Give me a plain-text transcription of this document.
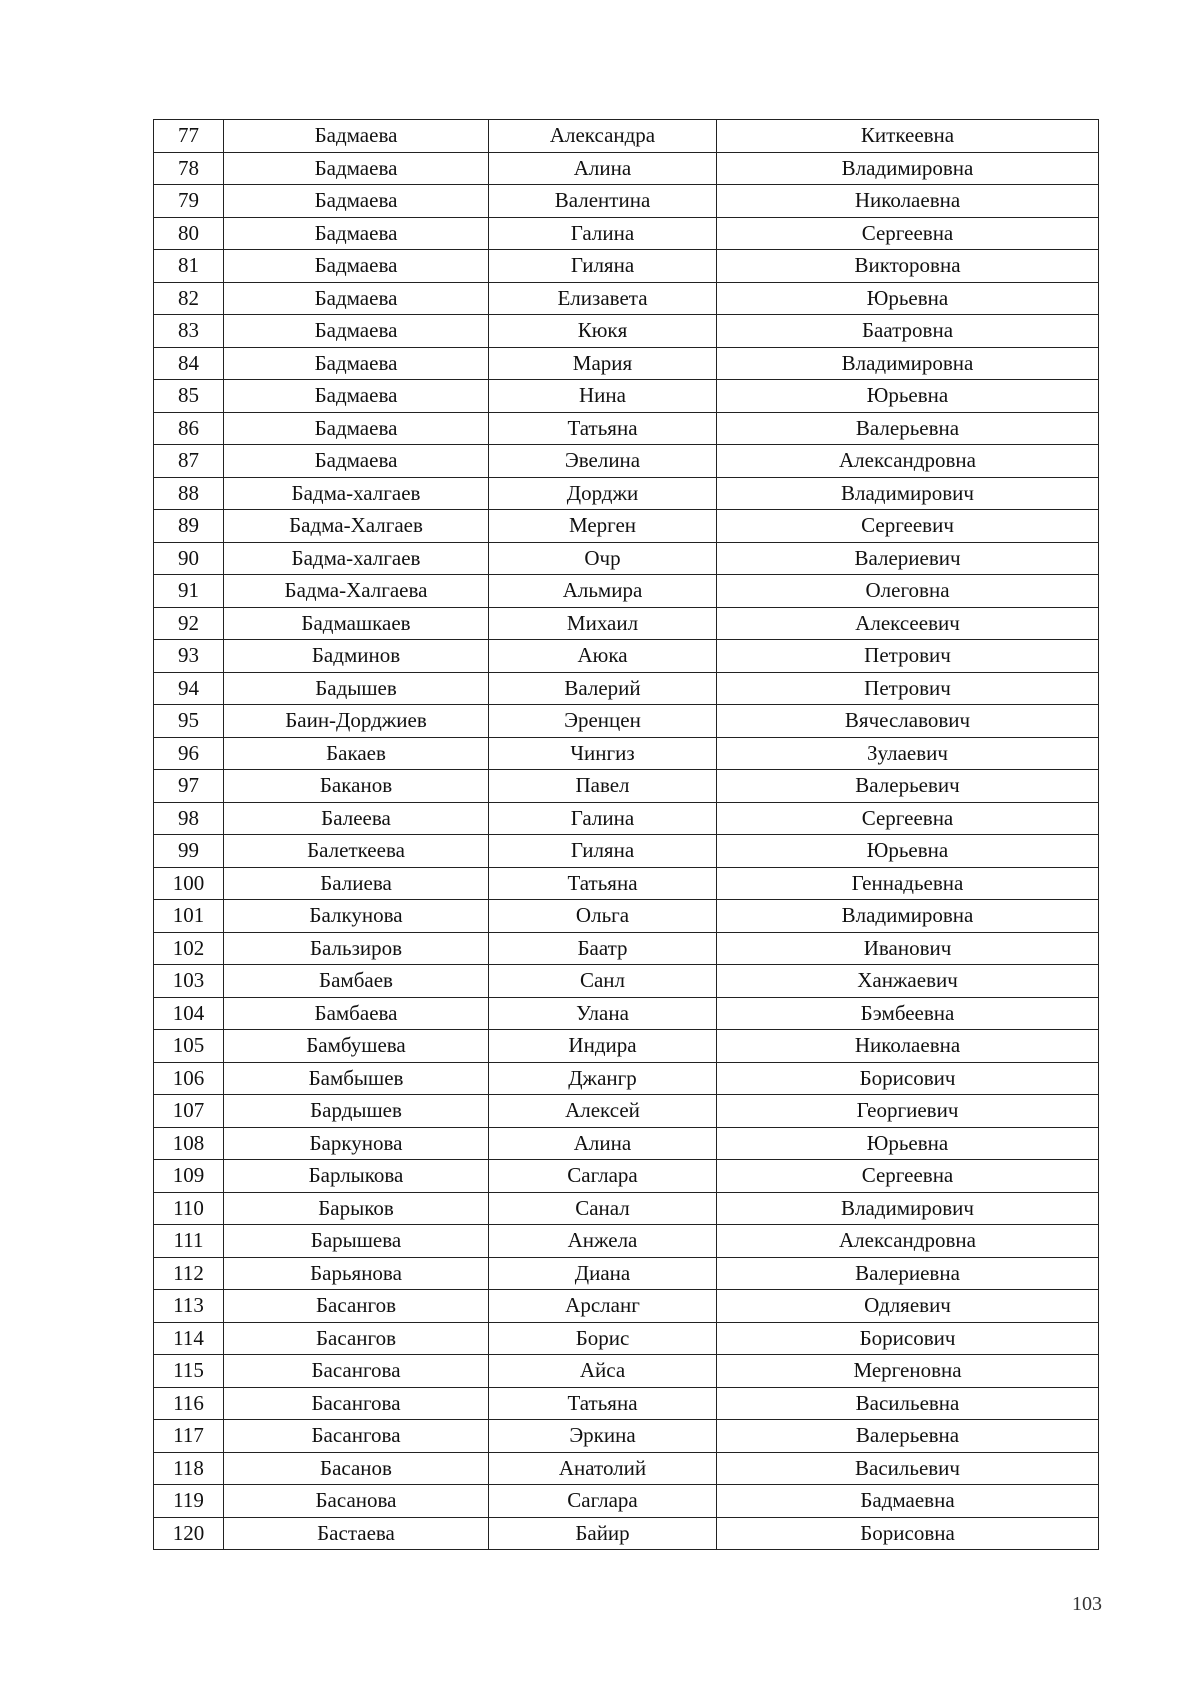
77	Бадмаева	Александра	Киткеевна
78	Бадмаева	Алина	Владимировна
79	Бадмаева	Валентина	Николаевна
80	Бадмаева	Галина	Сергеевна
81	Бадмаева	Гиляна	Викторовна
82	Бадмаева	Елизавета	Юрьевна
83	Бадмаева	Кюкя	Баатровна
84	Бадмаева	Мария	Владимировна
85	Бадмаева	Нина	Юрьевна
86	Бадмаева	Татьяна	Валерьевна
87	Бадмаева	Эвелина	Александровна
88	Бадма-халгаев	Дорджи	Владимирович
89	Бадма-Халгаев	Мерген	Сергеевич
90	Бадма-халгаев	Очр	Валериевич
91	Бадма-Халгаева	Альмира	Олеговна
92	Бадмашкаев	Михаил	Алексеевич
93	Бадминов	Аюка	Петрович
94	Бадышев	Валерий	Петрович
95	Баин-Дорджиев	Эренцен	Вячеславович
96	Бакаев	Чингиз	Зулаевич
97	Баканов	Павел	Валерьевич
98	Балеева	Галина	Сергеевна
99	Балеткеева	Гиляна	Юрьевна
100	Балиева	Татьяна	Геннадьевна
101	Балкунова	Ольга	Владимировна
102	Бальзиров	Баатр	Иванович
103	Бамбаев	Санл	Ханжаевич
104	Бамбаева	Улана	Бэмбеевна
105	Бамбушева	Индира	Николаевна
106	Бамбышев	Джангр	Борисович
107	Бардышев	Алексей	Георгиевич
108	Баркунова	Алина	Юрьевна
109	Барлыкова	Саглара	Сергеевна
110	Барыков	Санал	Владимирович
111	Барышева	Анжела	Александровна
112	Барьянова	Диана	Валериевна
113	Басангов	Арсланг	Одляевич
114	Басангов	Борис	Борисович
115	Басангова	Айса	Мергеновна
116	Басангова	Татьяна	Васильевна
117	Басангова	Эркина	Валерьевна
118	Басанов	Анатолий	Васильевич
119	Басанова	Саглара	Бадмаевна
120	Бастаева	Байир	Борисовна
103
